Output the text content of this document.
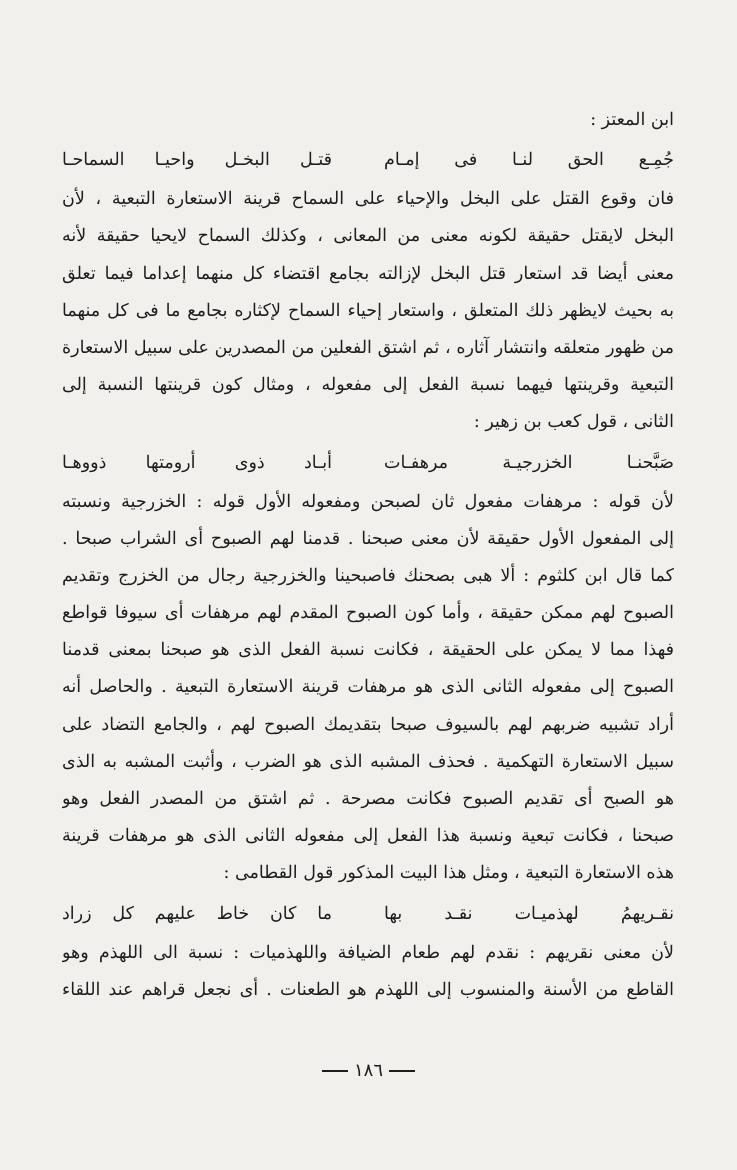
ابن المعتز :
جُمِـع الحق لنـا فى إمـام
قتـل البخـل واحيـا السماحـا
فان وقوع القتل على البخل والإحياء على السماح قرينة الاستعارة التبعية ، لأن
البخل لايقتل حقيقة لكونه معنى من المعانى ، وكذلك السماح لايحيا حقيقة لأنه
معنى أيضا قد استعار قتل البخل لإزالته بجامع اقتضاء كل منهما إعداما فيما تعلق
به بحيث لايظهر ذلك المتعلق ، واستعار إحياء السماح لإكثاره بجامع ما فى كل منهما
من ظهور متعلقه وانتشار آثاره ، ثم اشتق الفعلين من المصدرين على سبيل الاستعارة
التبعية وقرينتها فيهما نسبة الفعل إلى مفعوله ، ومثال كون قرينتها النسبة إلى
الثانى ، قول كعب بن زهير :
صَبَّحنـا الخزرجيـة مرهفـات
أبـاد ذوى أرومتها ذووهـا
لأن قوله : مرهفات مفعول ثان لصبحن ومفعوله الأول قوله : الخزرجية ونسبته
إلى المفعول الأول حقيقة لأن معنى صبحنا . قدمنا لهم الصبوح أى الشراب صبحا .
كما قال ابن كلثوم : ألا هبى بصحنك فاصبحينا والخزرجية رجال من الخزرج وتقديم
الصبوح لهم ممكن حقيقة ، وأما كون الصبوح المقدم لهم مرهفات أى سيوفا قواطع
فهذا مما لا يمكن على الحقيقة ، فكانت نسبة الفعل الذى هو صبحنا بمعنى قدمنا
الصبوح إلى مفعوله الثانى الذى هو مرهفات قرينة الاستعارة التبعية . والحاصل أنه
أراد تشبيه ضربهم لهم بالسيوف صبحا بتقديمك الصبوح لهم ، والجامع التضاد على
سبيل الاستعارة التهكمية . فحذف المشبه الذى هو الضرب ، وأثبت المشبه به الذى
هو الصبح أى تقديم الصبوح فكانت مصرحة . ثم اشتق من المصدر الفعل وهو
صبحنا ، فكانت تبعية ونسبة هذا الفعل إلى مفعوله الثانى الذى هو مرهفات قرينة
هذه الاستعارة التبعية ، ومثل هذا البيت المذكور قول القطامى :
نقـريهمُ لهذميـات نقـد بها
ما كان خاط عليهم كل زراد
لأن معنى نقريهم : نقدم لهم طعام الضيافة واللهذميات : نسبة الى اللهذم وهو
القاطع من الأسنة والمنسوب إلى اللهذم هو الطعنات . أى نجعل قراهم عند اللقاء
١٨٦
